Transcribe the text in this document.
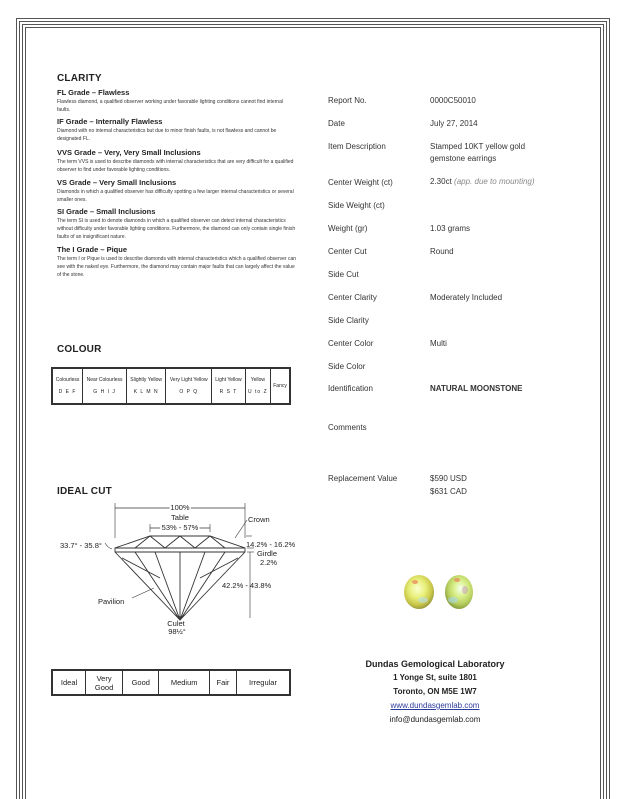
CLARITY
FL Grade – Flawless
Flawless diamond, a qualified observer working under favorable lighting conditions cannot find internal faults.
IF Grade – Internally Flawless
Diamond with no internal characteristics but due to minor finish faults, is not flawless and cannot be designated FL.
VVS Grade – Very, Very Small Inclusions
The term VVS is used to describe diamonds with internal characteristics that are very difficult for a qualified observer to find under favorable lighting conditions.
VS Grade – Very Small Inclusions
Diamonds in which a qualified observer has difficulty spotting a few larger internal characteristics or several smaller ones.
SI Grade – Small Inclusions
The term SI is used to denote diamonds in which a qualified observer can detect internal characteristics without difficulty under favorable lighting conditions. Furthermore, the diamond can only contain single finish faults of an insignificant nature.
The I Grade – Pique
The term I or Pique is used to describe diamonds with internal characteristics which a qualified observer can see with the naked eye. Furthermore, the diamond may contain major faults that can largely affect the value of the stone.
COLOUR
Colourless
D E F

Near Colourless
G H I J

Slightly Yellow
K L M N

Very Light Yellow
O P Q

Light Yellow
R S T

Yellow
U to Z

Fancy
IDEAL CUT
100%
Table
53% - 57%
Crown
33.7° - 35.8°	14.2% - 16.2%
Girdle
2.2%
42.2% - 43.8%
Pavilion
Culet
98½°
Ideal	Very Good	Good	Medium	Fair	Irregular
Report No.	0000C50010
Date	July 27, 2014
Item Description	Stamped 10KT yellow gold gemstone earrings
Center Weight (ct)	2.30ct (app. due to mounting)
Side Weight (ct)
Weight (gr)	1.03 grams
Center Cut	Round
Side Cut
Center Clarity	Moderately Included
Side Clarity
Center Color	Multi
Side Color
Identification	NATURAL MOONSTONE
Comments
Replacement Value	$590 USD
$631 CAD
Dundas Gemological Laboratory
1 Yonge St, suite 1801
Toronto, ON M5E 1W7
www.dundasgemlab.com
info@dundasgemlab.com
